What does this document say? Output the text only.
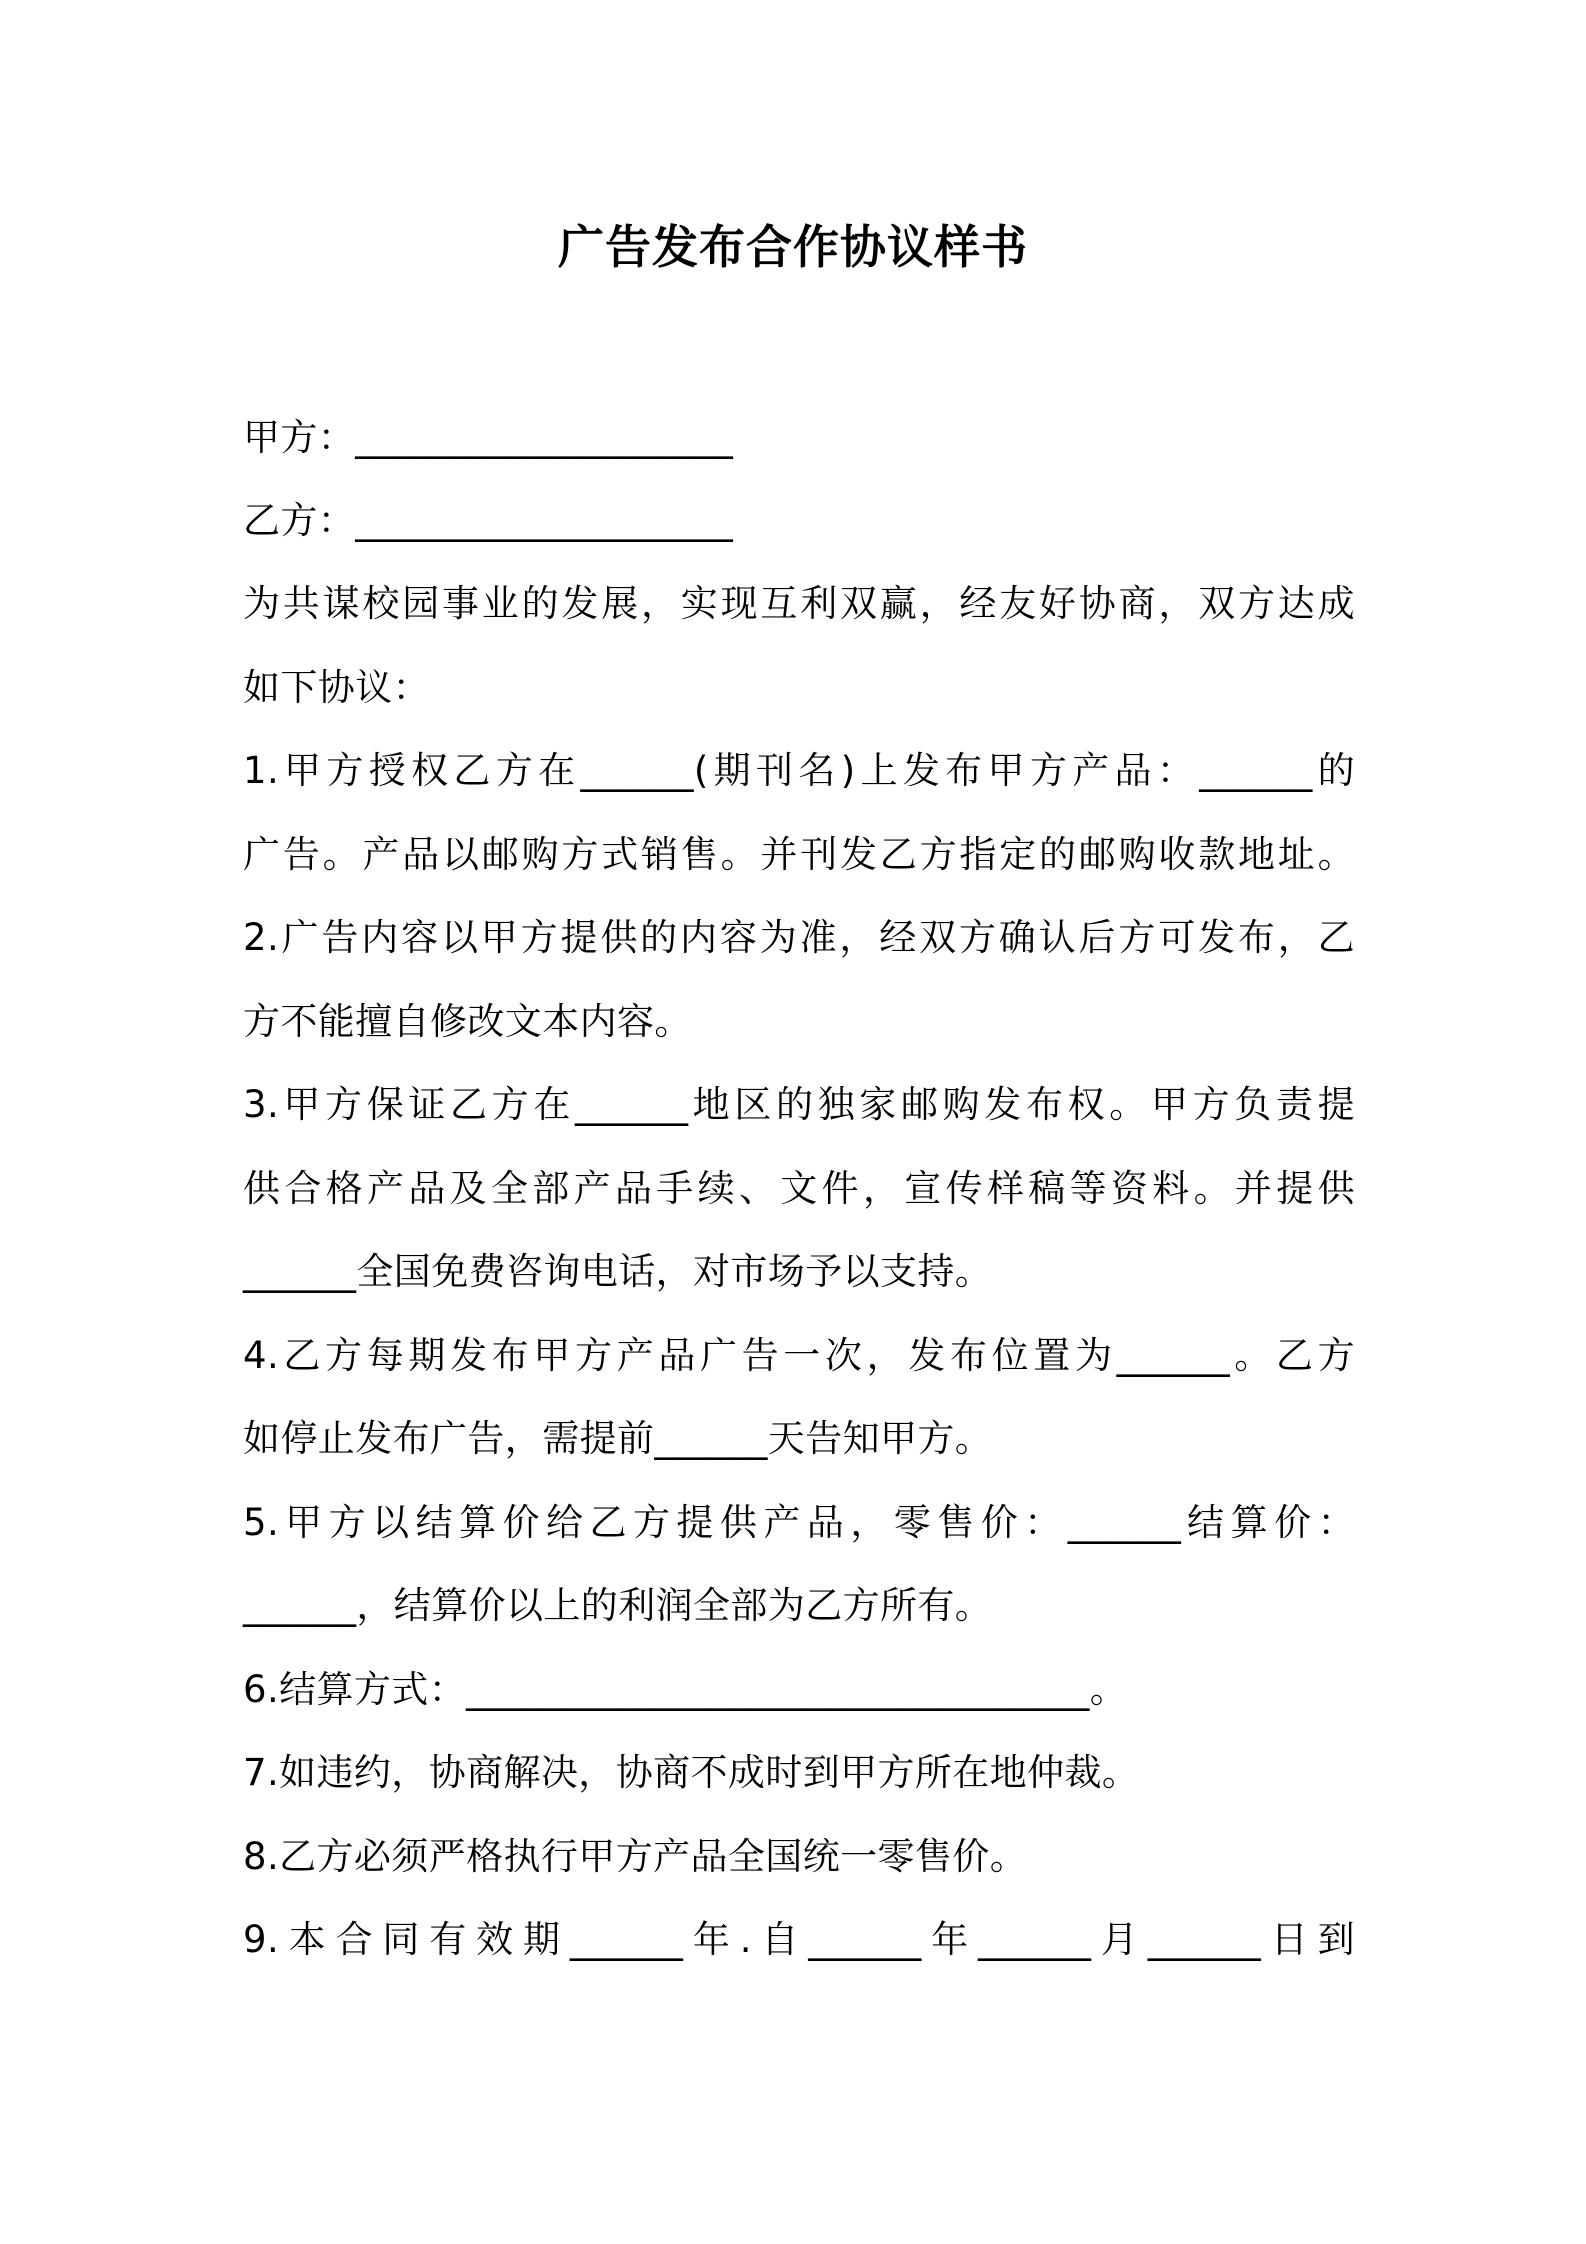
广告发布合作协议样书
甲方：____________________
乙方：____________________
为共谋校园事业的发展，实现互利双赢，经友好协商，双方达成
如下协议：
1.甲方授权乙方在______(期刊名)上发布甲方产品：______的
广告。产品以邮购方式销售。并刊发乙方指定的邮购收款地址。
2.广告内容以甲方提供的内容为准，经双方确认后方可发布，乙
方不能擅自修改文本内容。
3.甲方保证乙方在______地区的独家邮购发布权。甲方负责提
供合格产品及全部产品手续、文件，宣传样稿等资料。并提供
______全国免费咨询电话，对市场予以支持。
4.乙方每期发布甲方产品广告一次，发布位置为______。乙方
如停止发布广告，需提前______天告知甲方。
5.甲方以结算价给乙方提供产品，零售价：______结算价：
______，结算价以上的利润全部为乙方所有。
6.结算方式：_________________________________。
7.如违约，协商解决，协商不成时到甲方所在地仲裁。
8.乙方必须严格执行甲方产品全国统一零售价。
9.本合同有效期______年.自______年______月______日到
